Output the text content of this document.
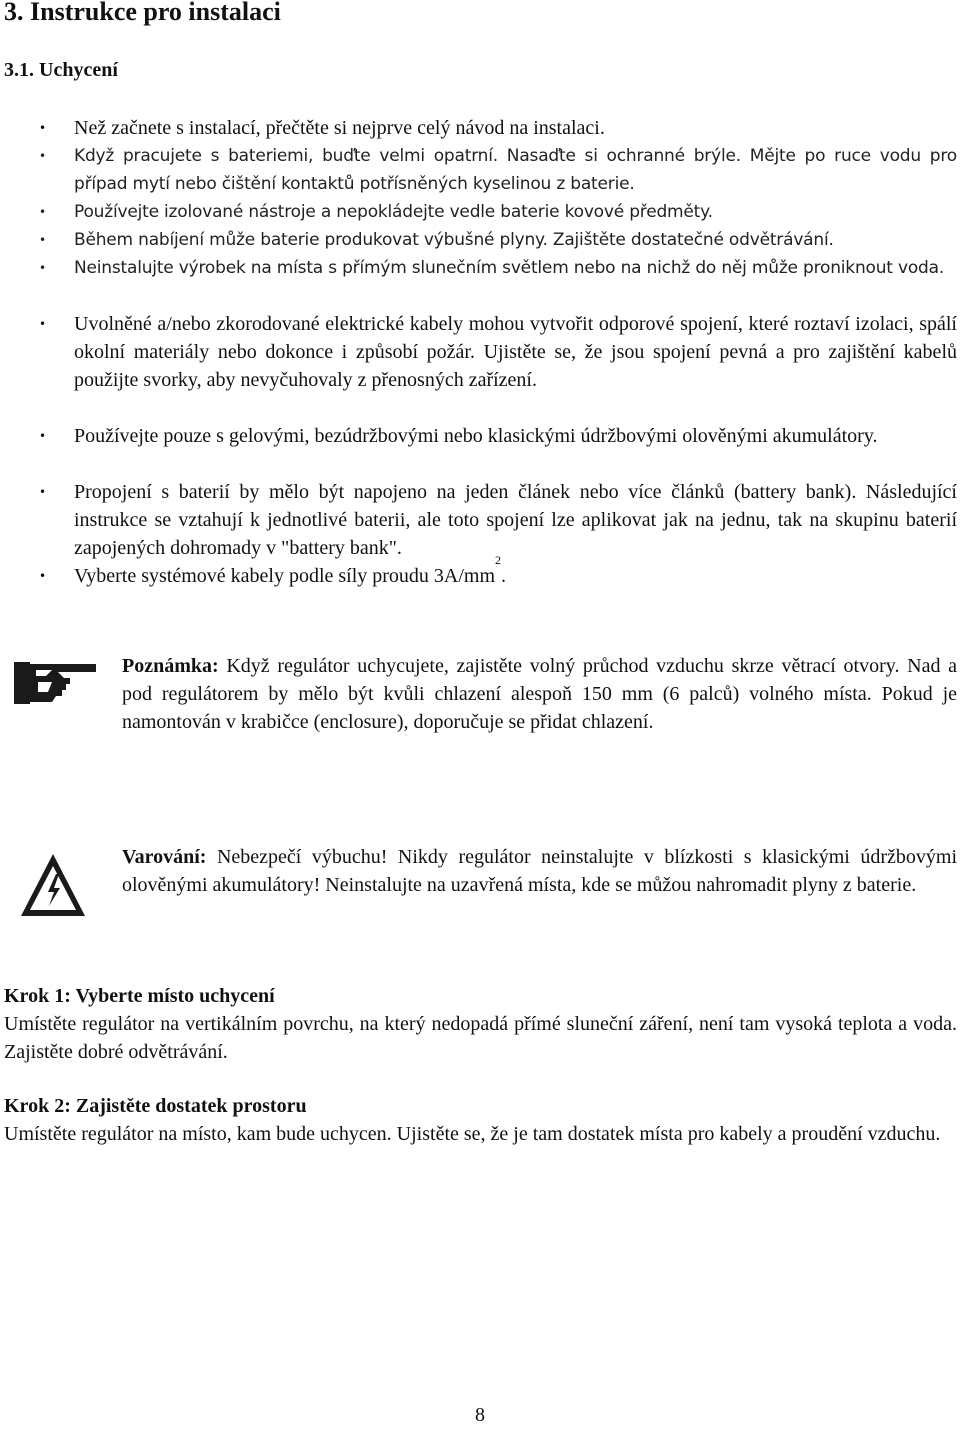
3. Instrukce pro instalaci
3.1. Uchycení
• Než začnete s instalací, přečtěte si nejprve celý návod na instalaci.
• Když pracujete s bateriemi, buďte velmi opatrní. Nasaďte si ochranné brýle. Mějte po ruce vodu pro případ mytí nebo čištění kontaktů potřísněných kyselinou z baterie.
• Používejte izolované nástroje a nepokládejte vedle baterie kovové předměty.
• Během nabíjení může baterie produkovat výbušné plyny. Zajištěte dostatečné odvětrávání.
• Neinstalujte výrobek na místa s přímým slunečním světlem nebo na nichž do něj může proniknout voda.
• Uvolněné a/nebo zkorodované elektrické kabely mohou vytvořit odporové spojení, které roztaví izolaci, spálí okolní materiály nebo dokonce i způsobí požár. Ujistěte se, že jsou spojení pevná a pro zajištění kabelů použijte svorky, aby nevyčuhovaly z přenosných zařízení.
• Používejte pouze s gelovými, bezúdržbovými nebo klasickými údržbovými olověnými akumulátory.
• Propojení s baterií by mělo být napojeno na jeden článek nebo více článků (battery bank). Následující instrukce se vztahují k jednotlivé baterii, ale toto spojení lze aplikovat jak na jednu, tak na skupinu baterií zapojených dohromady v "battery bank".
• Vyberte systémové kabely podle síly proudu $3A/mm^2$.
Poznámka: Když regulátor uchycujete, zajistěte volný průchod vzduchu skrze větrací otvory. Nad a pod regulátorem by mělo být kvůli chlazení alespoň 150 mm (6 palců) volného místa. Pokud je namontován v krabičce (enclosure), doporučuje se přidat chlazení.
Varování: Nebezpečí výbuchu! Nikdy regulátor neinstalujte v blízkosti s klasickými údržbovými olověnými akumulátory! Neinstalujte na uzavřená místa, kde se můžou nahromadit plyny z baterie.
Krok 1: Vyberte místo uchycení
Umístěte regulátor na vertikálním povrchu, na který nedopadá přímé sluneční záření, není tam vysoká teplota a voda. Zajistěte dobré odvětrávání.
Krok 2: Zajistěte dostatek prostoru
Umístěte regulátor na místo, kam bude uchycen. Ujistěte se, že je tam dostatek místa pro kabely a proudění vzduchu.
8
